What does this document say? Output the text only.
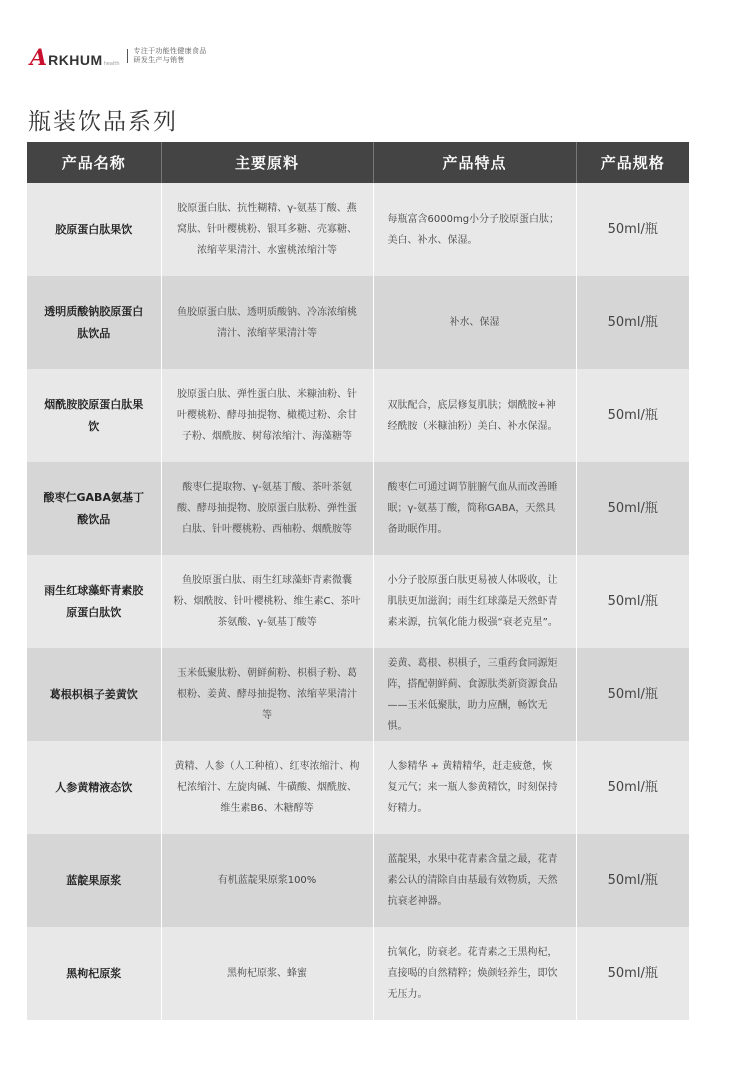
A RKHUM health
专注于功能性健康食品
研发生产与销售
瓶装饮品系列
产品名称	主要原料	产品特点	产品规格
胶原蛋白肽果饮	胶原蛋白肽、抗性糊精、γ-氨基丁酸、燕窝肽、针叶樱桃粉、银耳多糖、壳寡糖、浓缩苹果清汁、水蜜桃浓缩汁等	每瓶富含6000mg小分子胶原蛋白肽；美白、补水、保湿。	50ml/瓶
透明质酸钠胶原蛋白肽饮品	鱼胶原蛋白肽、透明质酸钠、冷冻浓缩桃清汁、浓缩苹果清汁等	补水、保湿	50ml/瓶
烟酰胺胶原蛋白肽果饮	胶原蛋白肽、弹性蛋白肽、米糠油粉、针叶樱桃粉、酵母抽提物、橄榄过粉、余甘子粉、烟酰胺、树莓浓缩汁、海藻糖等	双肽配合，底层修复肌肤；烟酰胺+神经酰胺（米糠油粉）美白、补水保湿。	50ml/瓶
酸枣仁GABA氨基丁酸饮品	酸枣仁提取物、γ-氨基丁酸、茶叶茶氨酸、酵母抽提物、胶原蛋白肽粉、弹性蛋白肽、针叶樱桃粉、西柚粉、烟酰胺等	酸枣仁可通过调节脏腑气血从而改善睡眠；γ-氨基丁酸，简称GABA，天然具备助眠作用。	50ml/瓶
雨生红球藻虾青素胶原蛋白肽饮	鱼胶原蛋白肽、雨生红球藻虾青素微囊粉、烟酰胺、针叶樱桃粉、维生素C、茶叶茶氨酸、γ-氨基丁酸等	小分子胶原蛋白肽更易被人体吸收，让肌肤更加滋润；雨生红球藻是天然虾青素来源，抗氧化能力极强“衰老克星”。	50ml/瓶
葛根枳椇子姜黄饮	玉米低聚肽粉、朝鲜蓟粉、枳椇子粉、葛根粉、姜黄、酵母抽提物、浓缩苹果清汁等	姜黄、葛根、枳椇子，三重药食同源矩阵，搭配朝鲜蓟、食源肽类新资源食品——玉米低聚肽，助力应酬，畅饮无惧。	50ml/瓶
人参黄精液态饮	黄精、人参（人工种植）、红枣浓缩汁、枸杞浓缩汁、左旋肉碱、牛磺酸、烟酰胺、维生素B6、木糖醇等	人参精华 + 黄精精华，赶走疲惫，恢复元气；来一瓶人参黄精饮，时刻保持好精力。	50ml/瓶
蓝靛果原浆	有机蓝靛果原浆100%	蓝靛果，水果中花青素含量之最，花青素公认的清除自由基最有效物质，天然抗衰老神器。	50ml/瓶
黑枸杞原浆	黑枸杞原浆、蜂蜜	抗氧化，防衰老。花青素之王黑枸杞，直接喝的自然精粹；焕颜轻养生，即饮无压力。	50ml/瓶
